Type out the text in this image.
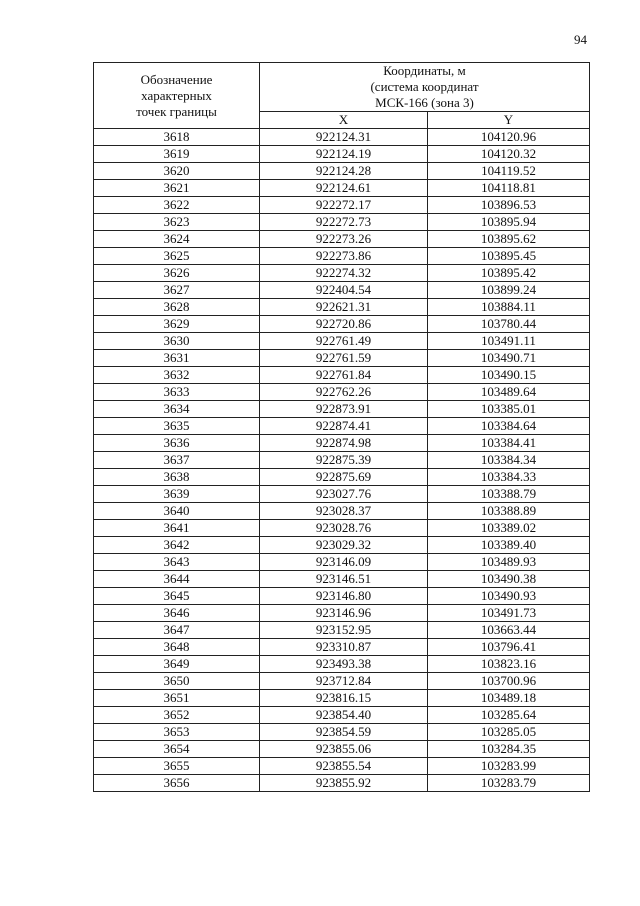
94
Обозначение
характерных
точек границы	Координаты, м
(система координат
МСК-166 (зона 3)	

	X	Y
3618	922124.31	104120.96
3619	922124.19	104120.32
3620	922124.28	104119.52
3621	922124.61	104118.81
3622	922272.17	103896.53
3623	922272.73	103895.94
3624	922273.26	103895.62
3625	922273.86	103895.45
3626	922274.32	103895.42
3627	922404.54	103899.24
3628	922621.31	103884.11
3629	922720.86	103780.44
3630	922761.49	103491.11
3631	922761.59	103490.71
3632	922761.84	103490.15
3633	922762.26	103489.64
3634	922873.91	103385.01
3635	922874.41	103384.64
3636	922874.98	103384.41
3637	922875.39	103384.34
3638	922875.69	103384.33
3639	923027.76	103388.79
3640	923028.37	103388.89
3641	923028.76	103389.02
3642	923029.32	103389.40
3643	923146.09	103489.93
3644	923146.51	103490.38
3645	923146.80	103490.93
3646	923146.96	103491.73
3647	923152.95	103663.44
3648	923310.87	103796.41
3649	923493.38	103823.16
3650	923712.84	103700.96
3651	923816.15	103489.18
3652	923854.40	103285.64
3653	923854.59	103285.05
3654	923855.06	103284.35
3655	923855.54	103283.99
3656	923855.92	103283.79
